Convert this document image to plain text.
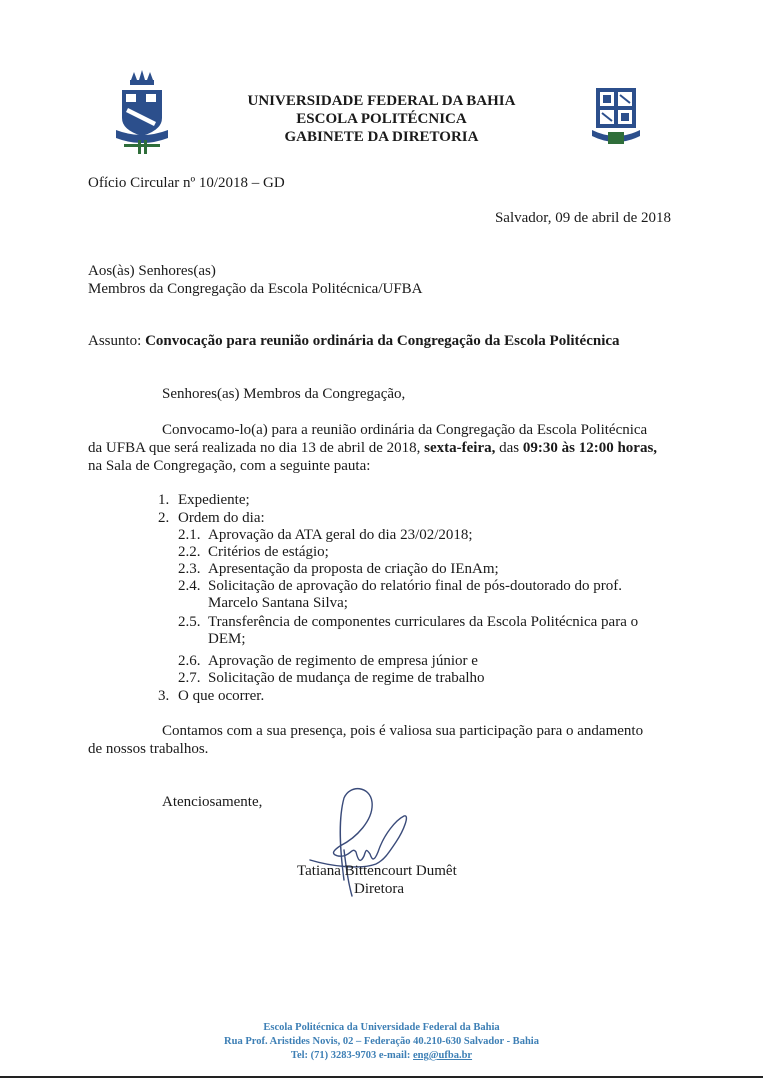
UNIVERSIDADE FEDERAL DA BAHIA
ESCOLA POLITÉCNICA
GABINETE DA DIRETORIA
Ofício Circular nº 10/2018 – GD
Salvador, 09 de abril de 2018
Aos(às) Senhores(as)
Membros da Congregação da Escola Politécnica/UFBA
Assunto: Convocação para reunião ordinária da Congregação da Escola Politécnica
Senhores(as) Membros da Congregação,
Convocamo-lo(a) para a reunião ordinária da Congregação da Escola Politécnica
da UFBA que será realizada no dia 13 de abril de 2018, sexta-feira, das 09:30 às 12:00 horas,
na Sala de Congregação, com a seguinte pauta:
1. Expediente;
2. Ordem do dia:
2.1. Aprovação da ATA geral do dia 23/02/2018;
2.2. Critérios de estágio;
2.3. Apresentação da proposta de criação do IEnAm;
2.4. Solicitação de aprovação do relatório final de pós-doutorado do prof.
Marcelo Santana Silva;
2.5. Transferência de componentes curriculares da Escola Politécnica para o
DEM;
2.6. Aprovação de regimento de empresa júnior e
2.7. Solicitação de mudança de regime de trabalho
3. O que ocorrer.
Contamos com a sua presença, pois é valiosa sua participação para o andamento
de nossos trabalhos.
Atenciosamente,
Tatiana Bittencourt Dumêt
Diretora
Escola Politécnica da Universidade Federal da Bahia
Rua Prof. Aristides Novis, 02 – Federação 40.210-630 Salvador - Bahia
Tel: (71) 3283-9703 e-mail: eng@ufba.br
